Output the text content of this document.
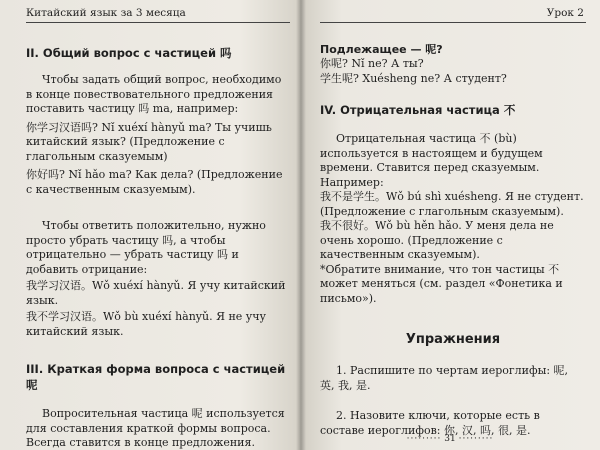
Китайский язык за 3 месяца
II. Общий вопрос с частицей 吗

Чтобы задать общий вопрос, необходимо в конце повествовательного предложения поставить частицу 吗 ma, например:

你学习汉语吗? Nǐ xuéxí hànyǔ ma? Ты учишь китайский язык? (Предложение с глагольным сказуемым)

你好吗? Nǐ hǎo ma? Как дела? (Предложение с качественным сказуемым).

Чтобы ответить положительно, нужно просто убрать частицу 吗, а чтобы отрицательно — убрать частицу 吗 и добавить отрицание:

我学习汉语。Wǒ xuéxí hànyǔ. Я учу китайский язык.

我不学习汉语。Wǒ bù xuéxí hànyǔ. Я не учу китайский язык.

III. Краткая форма вопроса с частицей 呢

Вопросительная частица 呢 используется для составления краткой формы вопроса. Всегда ставится в конце предложения.

Урок 2
Подлежащее — 呢?

你呢? Nǐ ne? А ты?

学生呢? Xuésheng ne? А студент?

IV. Отрицательная частица 不

Отрицательная частица 不 (bù) используется в настоящем и будущем времени. Ставится перед сказуемым. Например:

我不是学生。Wǒ bú shì xuésheng. Я не студент. (Предложение с глагольным сказуемым).

我不很好。Wǒ bù hěn hǎo. У меня дела не очень хорошо. (Предложение с качественным сказуемым).

*Обратите внимание, что тон частицы 不 может меняться (см. раздел «Фонетика и письмо»).

Упражнения

1. Распишите по чертам иероглифы: 呢, 英, 我, 是.

2. Назовите ключи, которые есть в составе иероглифов: 你, 汉, 吗, 很, 是.

········· 31 ·········
